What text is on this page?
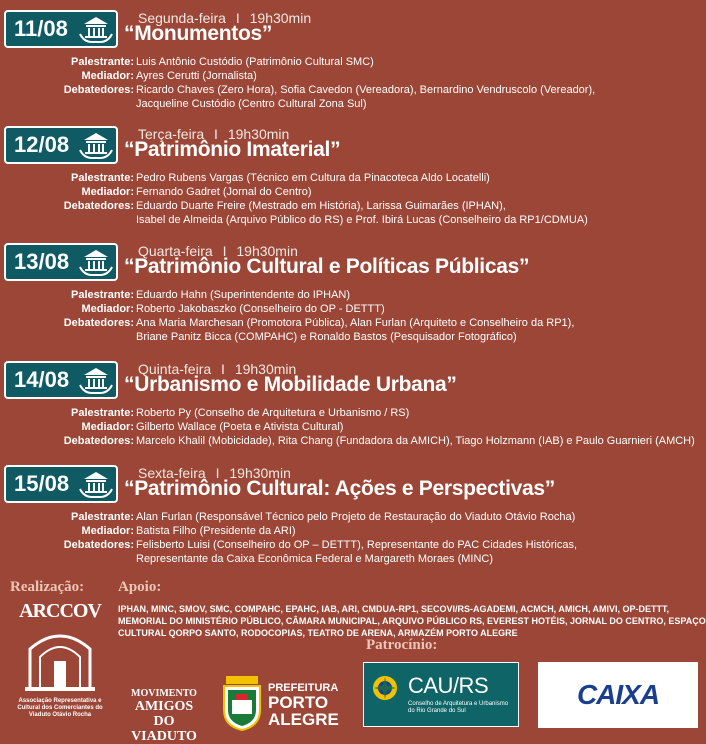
11/08	Segunda-feira I 19h30min
“Monumentos”
Palestrante: Luis Antônio Custódio (Patrimônio Cultural SMC)
Mediador: Ayres Cerutti (Jornalista)
Debatedores: Ricardo Chaves (Zero Hora), Sofia Cavedon (Vereadora), Bernardino Vendruscolo (Vereador),
Jacqueline Custódio (Centro Cultural Zona Sul)
12/08	Terça-feira I 19h30min
“Patrimônio Imaterial”
Palestrante: Pedro Rubens Vargas (Técnico em Cultura da Pinacoteca Aldo Locatelli)
Mediador: Fernando Gadret (Jornal do Centro)
Debatedores: Eduardo Duarte Freire (Mestrado em História), Larissa Guimarães (IPHAN),
Isabel de Almeida (Arquivo Público do RS) e Prof. Ibirá Lucas (Conselheiro da RP1/CDMUA)
13/08	Quarta-feira I 19h30min
“Patrimônio Cultural e Políticas Públicas”
Palestrante: Eduardo Hahn (Superintendente do IPHAN)
Mediador: Roberto Jakobaszko (Conselheiro do OP - DETTT)
Debatedores: Ana Maria Marchesan (Promotora Pública), Alan Furlan (Arquiteto e Conselheiro da RP1),
Briane Panitz Bicca (COMPAHC) e Ronaldo Bastos (Pesquisador Fotográfico)
14/08	Quinta-feira I 19h30min
“Urbanismo e Mobilidade Urbana”
Palestrante: Roberto Py (Conselho de Arquitetura e Urbanismo / RS)
Mediador: Gilberto Wallace (Poeta e Ativista Cultural)
Debatedores: Marcelo Khalil (Mobicidade), Rita Chang (Fundadora da AMICH), Tiago Holzmann (IAB) e Paulo Guarnieri (AMCH)
15/08	Sexta-feira I 19h30min
“Patrimônio Cultural: Ações e Perspectivas”
Palestrante: Alan Furlan (Responsável Técnico pelo Projeto de Restauração do Viaduto Otávio Rocha)
Mediador: Batista Filho (Presidente da ARI)
Debatedores: Felisberto Luisi (Conselheiro do OP – DETTT), Representante do PAC Cidades Históricas,
Representante da Caixa Econômica Federal e Margareth Moraes (MINC)
Realização: Apoio:
IPHAN, MINC, SMOV, SMC, COMPAHC, EPAHC, IAB, ARI, CMDUA-RP1, SECOVI/RS-AGADEMI, ACMCH, AMICH, AMIVI, OP-DETTT, MEMORIAL DO MINISTÉRIO PÚBLICO, CÂMARA MUNICIPAL, ARQUIVO PÚBLICO RS, EVEREST HOTÉIS, JORNAL DO CENTRO, ESPAÇO CULTURAL QORPO SANTO, RODOCOPIAS, TEATRO DE ARENA, ARMAZÉM PORTO ALEGRE
Patrocínio:
ARCCOV
Associação Representativa e Cultural dos Comerciantes do Viaduto Otávio Rocha
MOVIMENTO
AMIGOS DO
VIADUTO
PREFEITURA
PORTO
ALEGRE
CAU/RS
Conselho de Arquitetura e Urbanismo do Rio Grande do Sul
CAIXA
